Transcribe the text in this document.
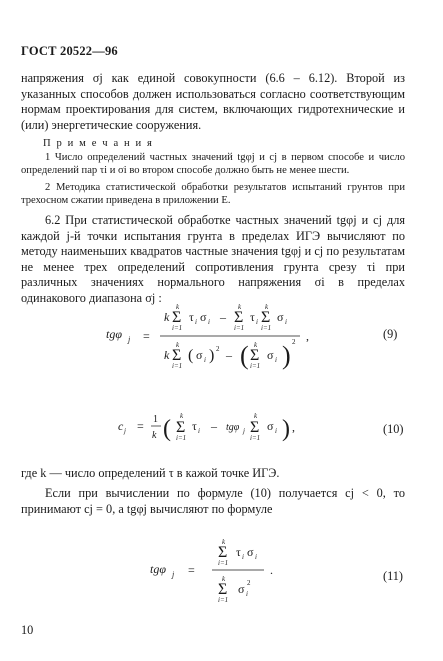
ГОСТ 20522—96

напряжения σj как единой совокупности (6.6 – 6.12). Второй из указанных способов должен использоваться согласно соответствующим нормам проектирования для систем, включающих гидротехнические и (или) энергетические сооружения.

П р и м е ч а н и я

1 Число определений частных значений tgφj и cj в первом способе и число определений пар τi и σi во втором способе должно быть не менее шести.

2 Методика статистической обработки результатов испытаний грунтов при трехосном сжатии приведена в приложении Е.

6.2 При статистической обработке частных значений tgφj и cj для каждой j-й точки испытания грунта в пределах ИГЭ вычисляют по методу наименьших квадратов частные значения tgφj и cj по результатам не менее трех определений сопротивления грунта срезу τi при различных значениях нормального напряжения σi в пределах одинакового диапазона σj :

tgφ j =
k
k
Σ
i=1
τ i σ i –
k
Σ
i=1
τ i
k
Σ
i=1
σ i
k
k
Σ
i=1
( σ i ) 2 – ( k
Σ
i=1
σ i ) 2 ,	(9)
c j = 1
k ( k
Σ
i=1
τ i – tgφ j
k
Σ
i=1
σ i ) ,	(10)

где k — число определений τ в кажой точке ИГЭ.

Если при вычислении по формуле (10) получается cj < 0, то принимают cj = 0, а tgφj вычисляют по формуле

tgφ j =
k
Σ
i=1
τ i σ i
k
Σ
i=1
σ i
2
.	(11)
10
